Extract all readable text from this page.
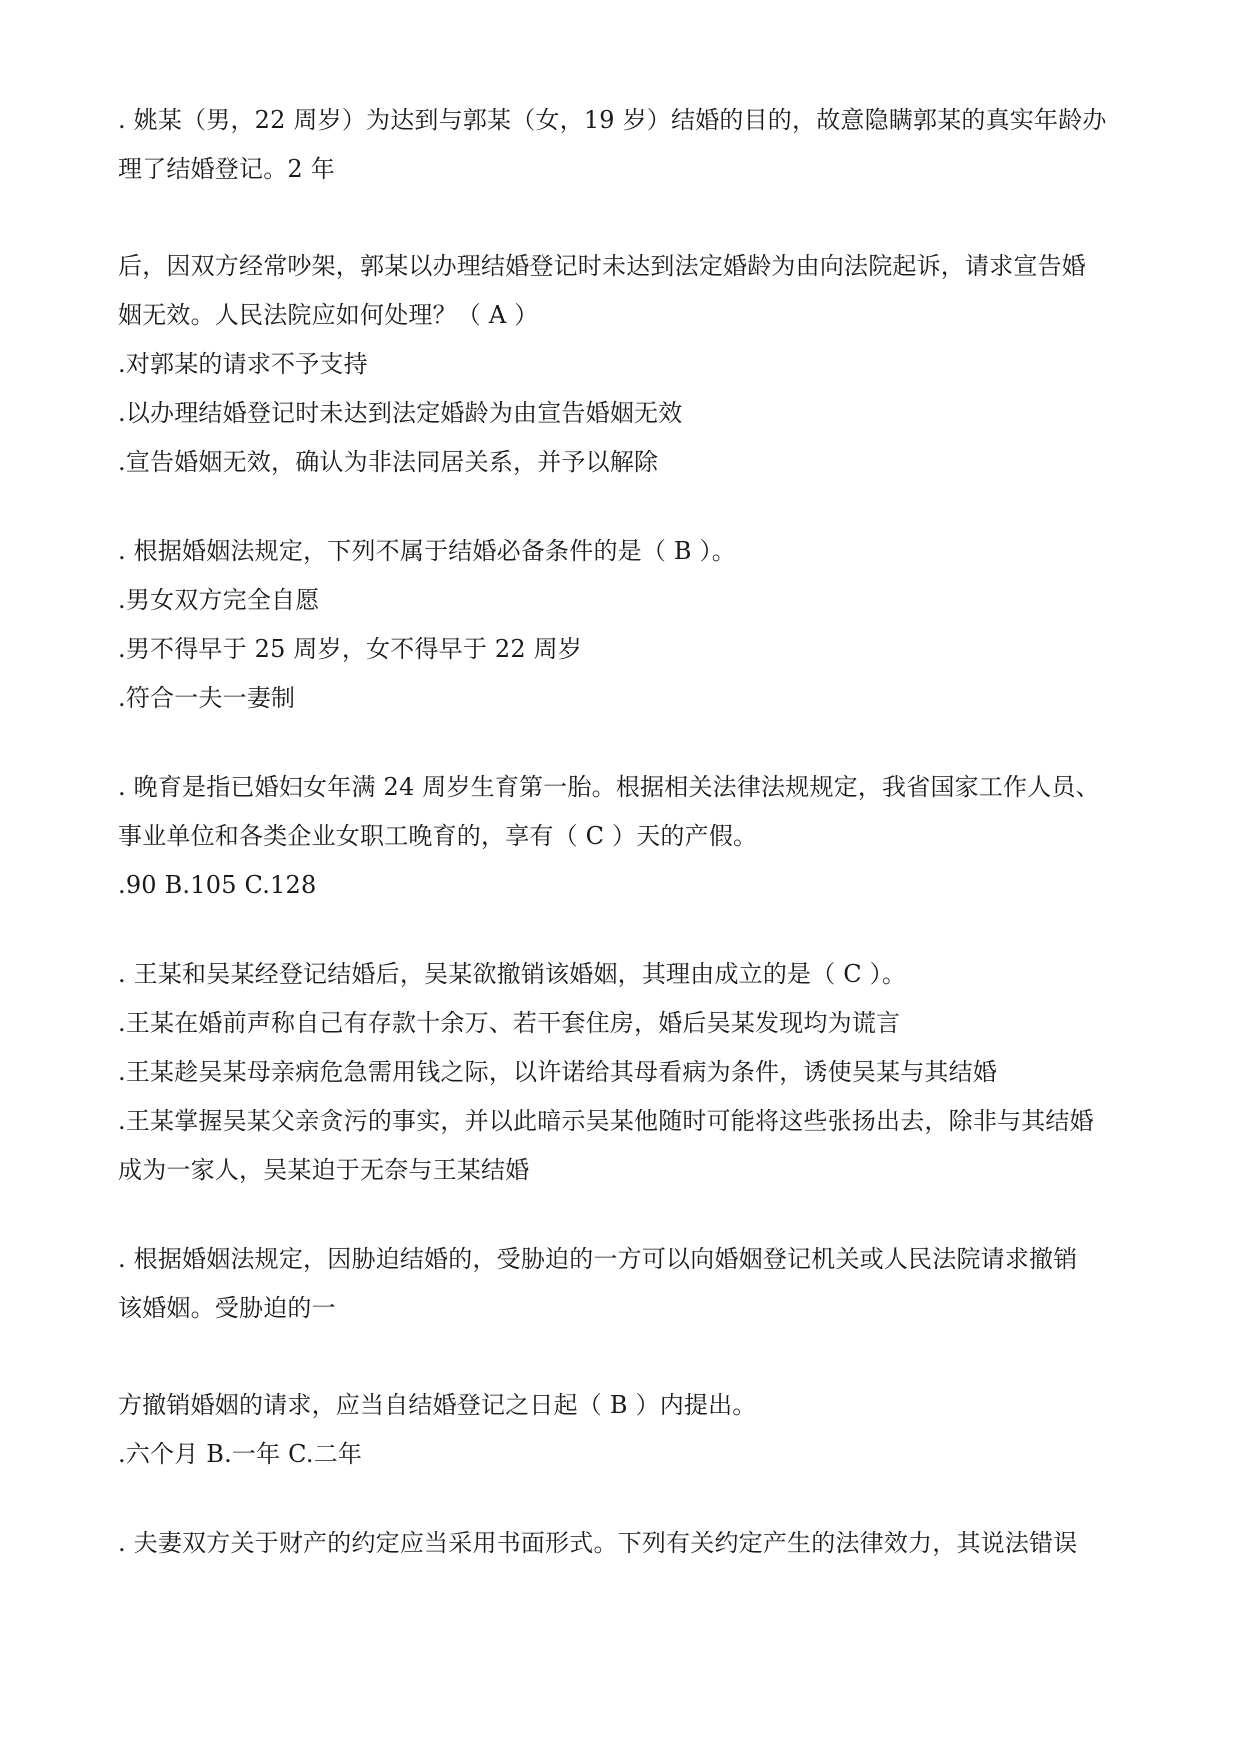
. 姚某（男，22 周岁）为达到与郭某（女，19 岁）结婚的目的，故意隐瞒郭某的真实年龄办
理了结婚登记。2 年
后，因双方经常吵架，郭某以办理结婚登记时未达到法定婚龄为由向法院起诉，请求宣告婚
姻无效。人民法院应如何处理？（ A ）
.对郭某的请求不予支持
.以办理结婚登记时未达到法定婚龄为由宣告婚姻无效
.宣告婚姻无效，确认为非法同居关系，并予以解除
. 根据婚姻法规定，下列不属于结婚必备条件的是（ B ）。
.男女双方完全自愿
.男不得早于 25 周岁，女不得早于 22 周岁
.符合一夫一妻制
. 晚育是指已婚妇女年满 24 周岁生育第一胎。根据相关法律法规规定，我省国家工作人员、
事业单位和各类企业女职工晚育的，享有（ C ）天的产假。
.90 B.105 C.128
. 王某和吴某经登记结婚后，吴某欲撤销该婚姻，其理由成立的是（ C ）。
.王某在婚前声称自己有存款十余万、若干套住房，婚后吴某发现均为谎言
.王某趁吴某母亲病危急需用钱之际，以许诺给其母看病为条件，诱使吴某与其结婚
.王某掌握吴某父亲贪污的事实，并以此暗示吴某他随时可能将这些张扬出去，除非与其结婚
成为一家人，吴某迫于无奈与王某结婚
. 根据婚姻法规定，因胁迫结婚的，受胁迫的一方可以向婚姻登记机关或人民法院请求撤销
该婚姻。受胁迫的一
方撤销婚姻的请求，应当自结婚登记之日起（ B ）内提出。
.六个月 B.一年 C.二年
. 夫妻双方关于财产的约定应当采用书面形式。下列有关约定产生的法律效力，其说法错误
